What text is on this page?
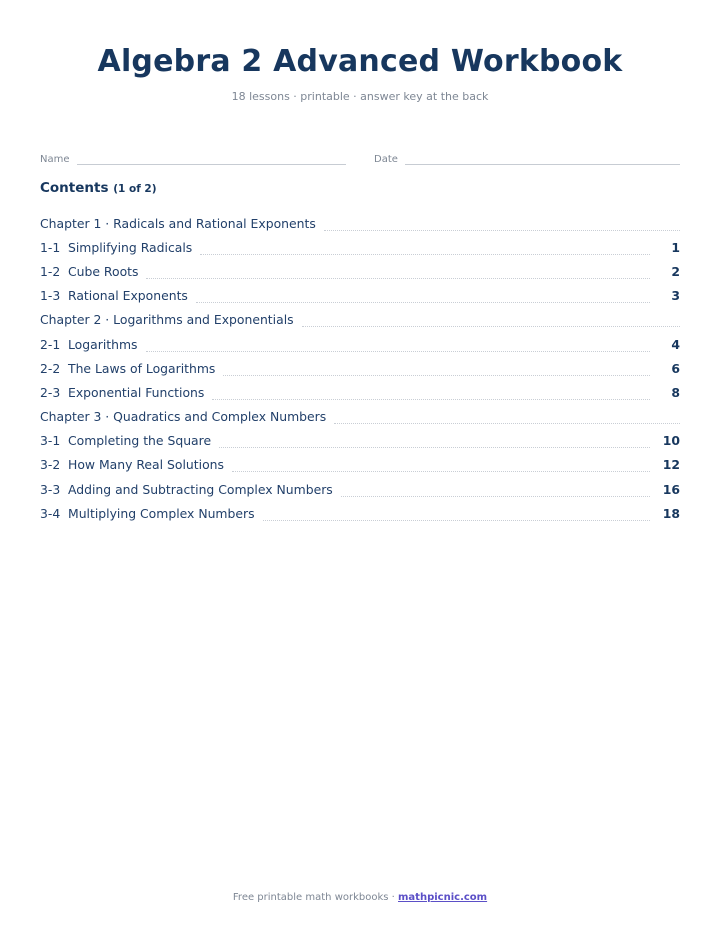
Algebra 2 Advanced Workbook
18 lessons · printable · answer key at the back
Name	Date
Contents (1 of 2)
Chapter 1 · Radicals and Rational Exponents
1-1 Simplifying Radicals	1
1-2 Cube Roots	2
1-3 Rational Exponents	3
Chapter 2 · Logarithms and Exponentials
2-1 Logarithms	4
2-2 The Laws of Logarithms	6
2-3 Exponential Functions	8
Chapter 3 · Quadratics and Complex Numbers
3-1 Completing the Square	10
3-2 How Many Real Solutions	12
3-3 Adding and Subtracting Complex Numbers	16
3-4 Multiplying Complex Numbers	18
Free printable math workbooks · mathpicnic.com
